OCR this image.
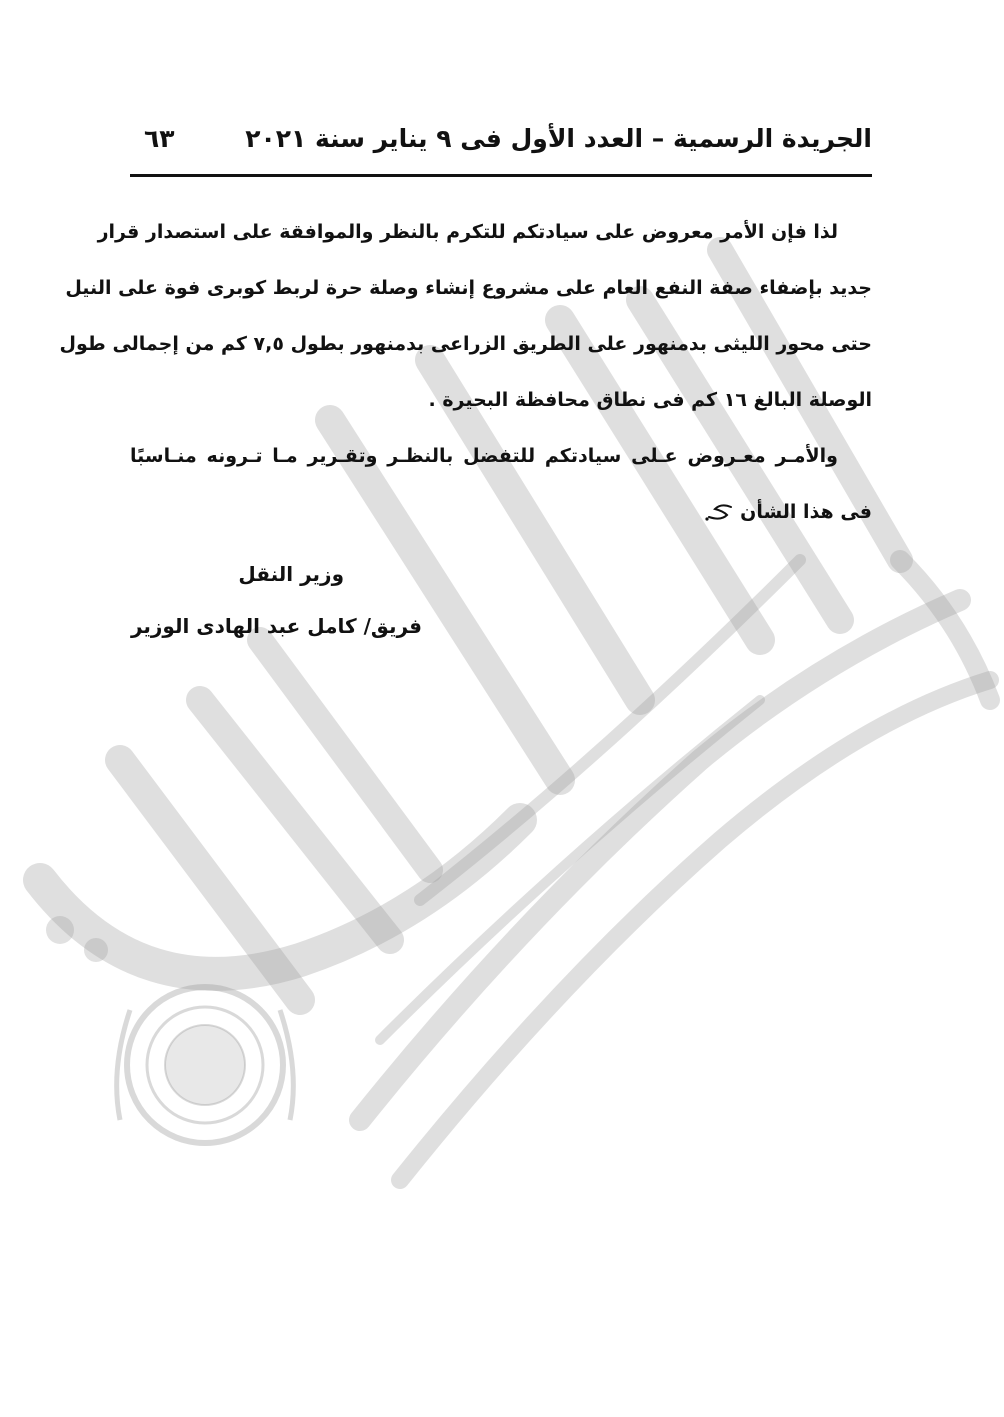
الجريدة الرسمية – العدد الأول فى ٩ يناير سنة ٢٠٢١
٦٣
لذا فإن الأمر معروض على سيادتكم للتكرم بالنظر والموافقة على استصدار قرار
جديد بإضفاء صفة النفع العام على مشروع إنشاء وصلة حرة لربط كوبرى فوة على النيل
حتى محور الليثى بدمنهور على الطريق الزراعى بدمنهور بطول ٧,٥ كم من إجمالى طول
الوصلة البالغ ١٦ كم فى نطاق محافظة البحيرة .
والأمـر معـروض عـلى سيادتكم للتفضل بالنظـر وتقـرير مـا تـرونه منـاسبًا
فى هذا الشأن
وزير النقل
فريق/ كامل عبد الهادى الوزير
